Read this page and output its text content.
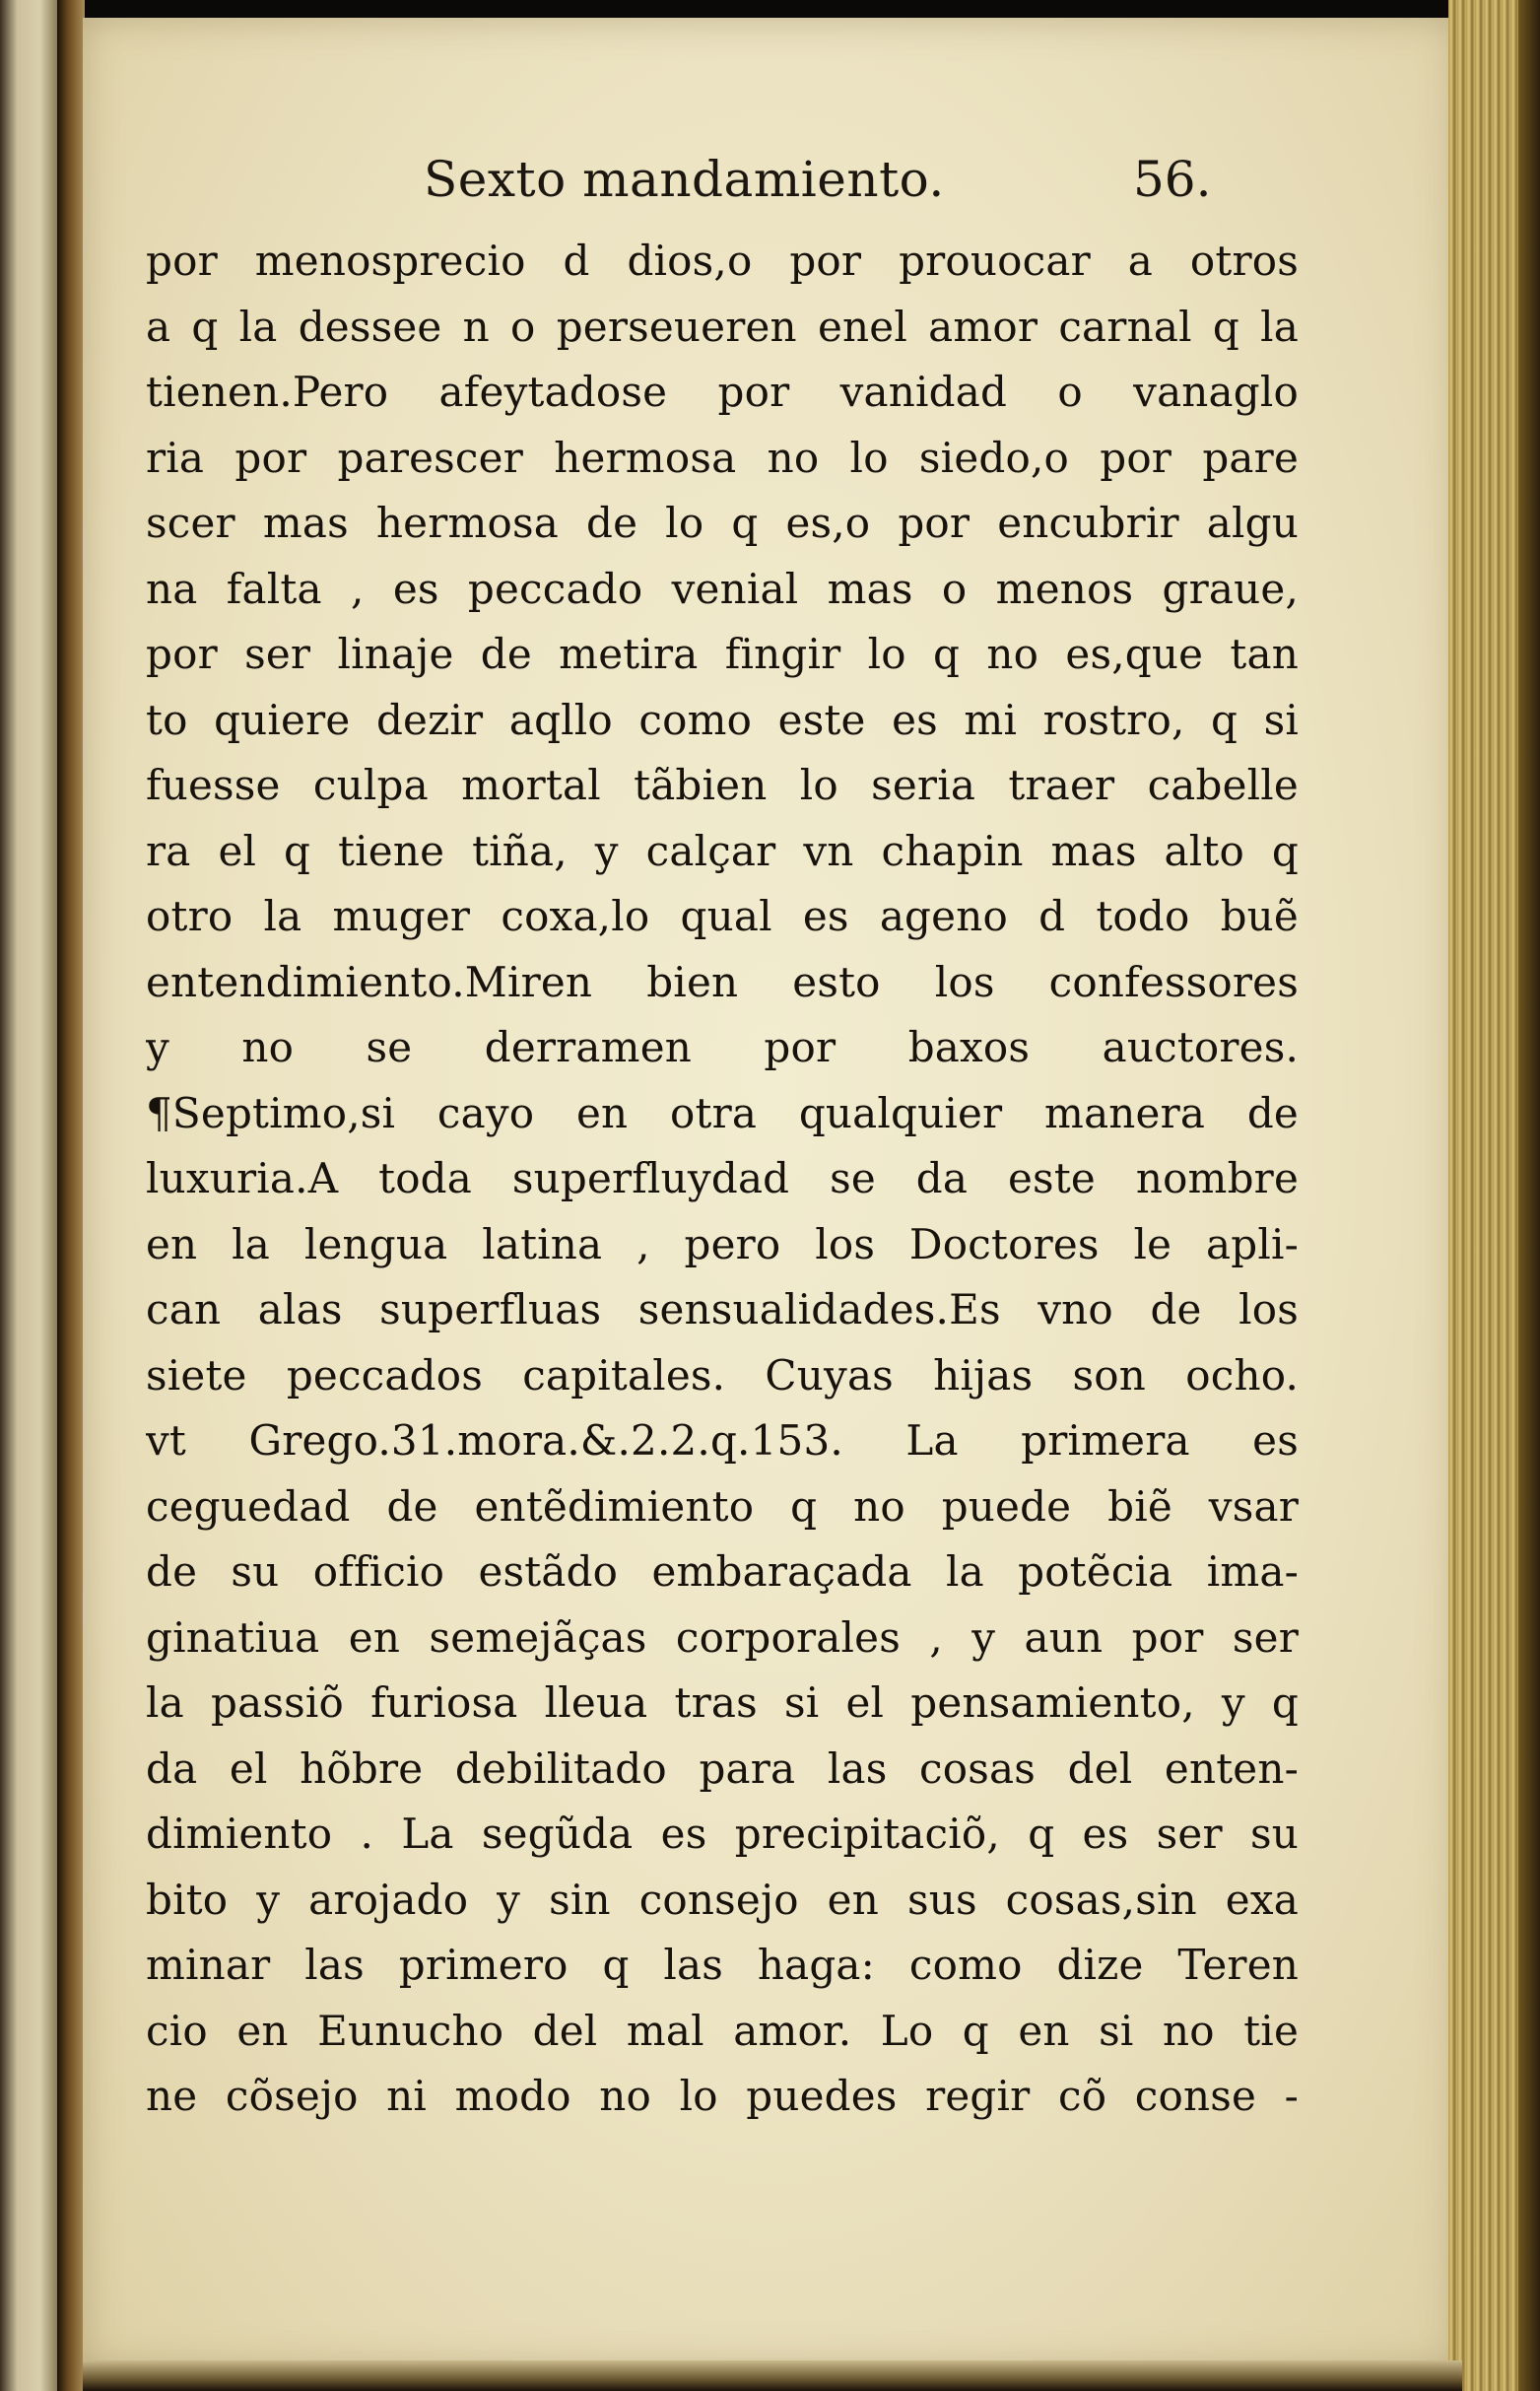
Sexto mandamiento.	56.
por menosprecio d dios,o por prouocar a otros
a q la dessee n o perseueren enel amor carnal q la
tienen.Pero afeytadose por vanidad o vanaglo
ria por parescer hermosa no lo siedo,o por pare
scer mas hermosa de lo q es,o por encubrir algu
na falta , es peccado venial mas o menos graue,
por ser linaje de metira fingir lo q no es,que tan
to quiere dezir aqllo como este es mi rostro, q si
fuesse culpa mortal tãbien lo seria traer cabelle
ra el q tiene tiña, y calçar vn chapin mas alto q
otro la muger coxa,lo qual es ageno d todo buẽ
entendimiento.Miren bien esto los confessores
y no se derramen por baxos auctores.
¶Septimo,si cayo en otra qualquier manera de
luxuria.A toda superfluydad se da este nombre
en la lengua latina , pero los Doctores le apli-
can alas superfluas sensualidades.Es vno de los
siete peccados capitales. Cuyas hijas son ocho.
vt Grego.31.mora.&.2.2.q.153. La primera es
ceguedad de entẽdimiento q no puede biẽ vsar
de su officio estãdo embaraçada la potẽcia ima-
ginatiua en semejãças corporales , y aun por ser
la passiõ furiosa lleua tras si el pensamiento, y q
da el hõbre debilitado para las cosas del enten-
dimiento . La segũda es precipitaciõ, q es ser su
bito y arojado y sin consejo en sus cosas,sin exa
minar las primero q las haga: como dize Teren
cio en Eunucho del mal amor. Lo q en si no tie
ne cõsejo ni modo no lo puedes regir cõ conse -
